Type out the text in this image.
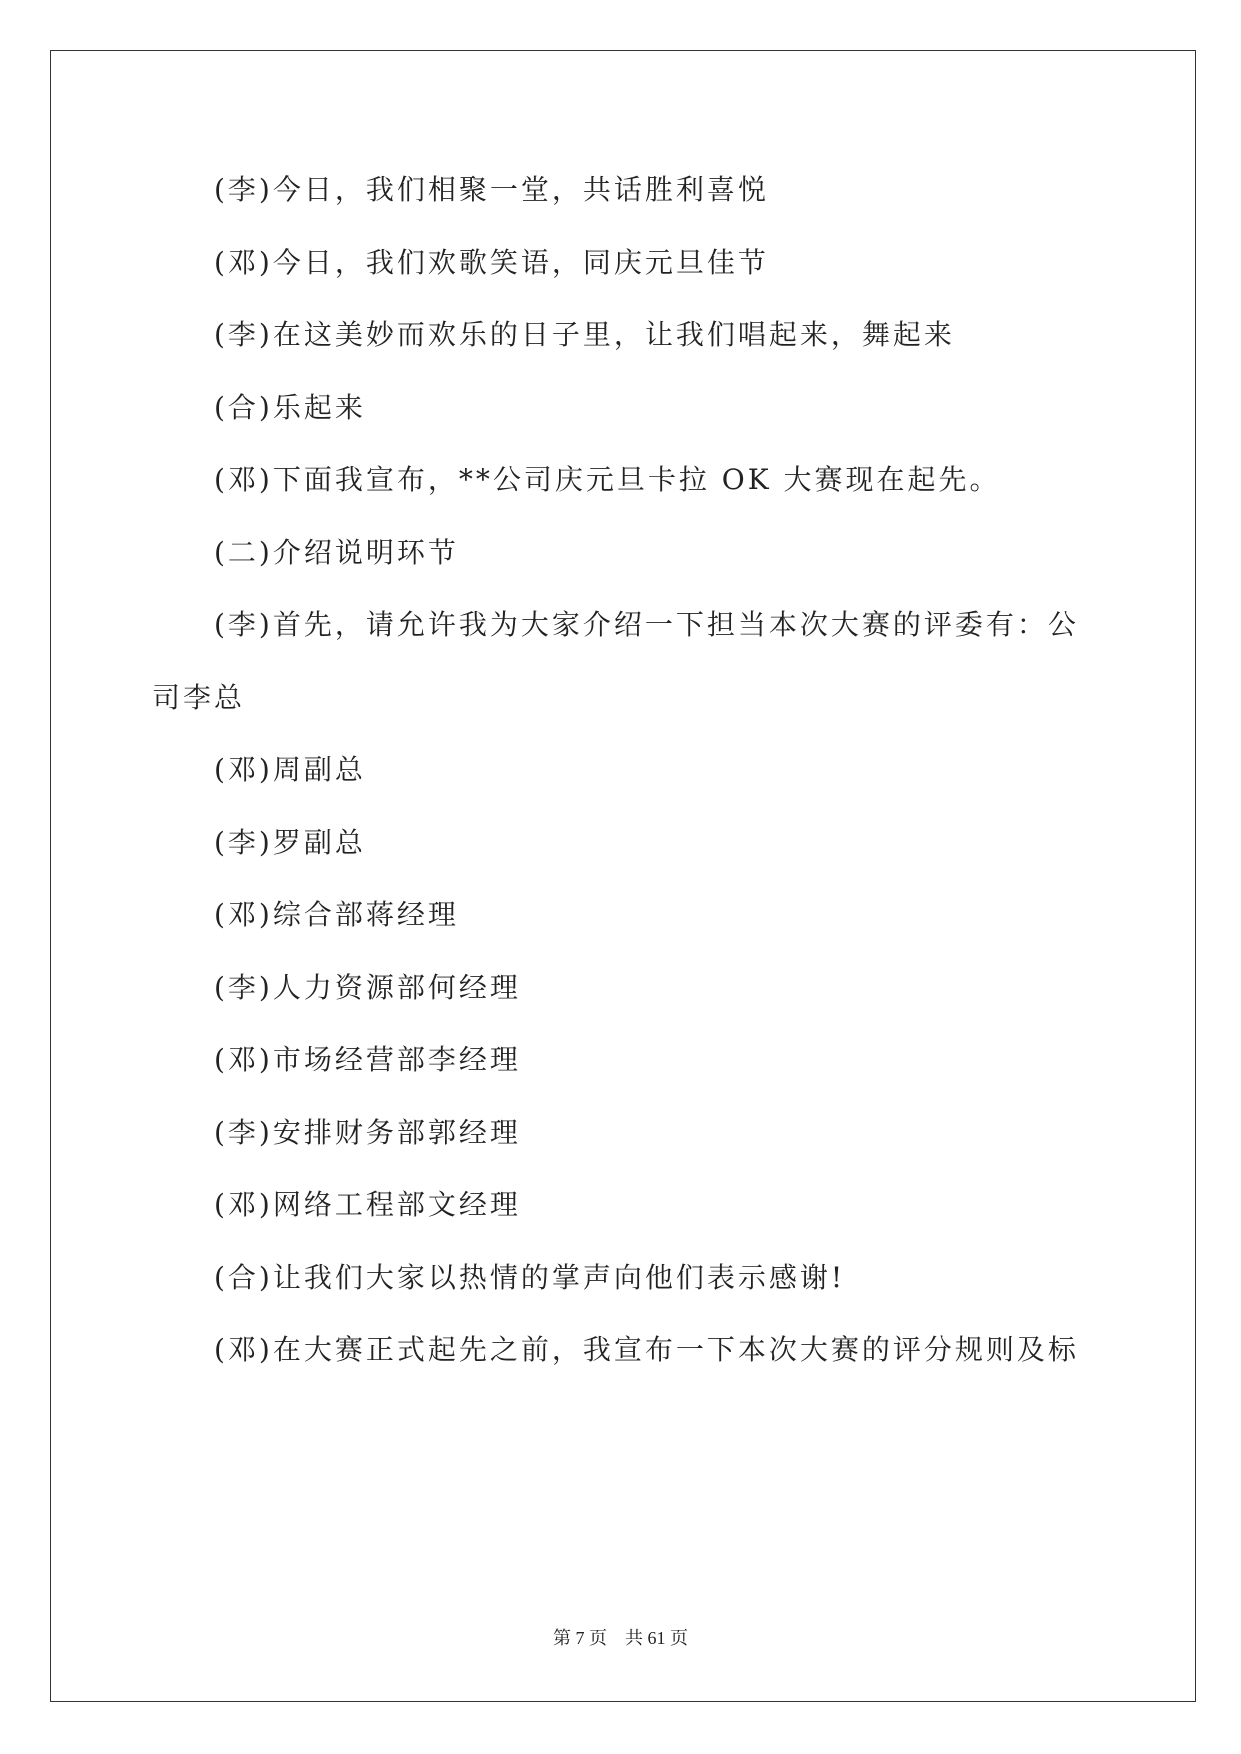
(李)今日，我们相聚一堂，共话胜利喜悦
(邓)今日，我们欢歌笑语，同庆元旦佳节
(李)在这美妙而欢乐的日子里，让我们唱起来，舞起来
(合)乐起来
(邓)下面我宣布，**公司庆元旦卡拉 OK 大赛现在起先。
(二)介绍说明环节
(李)首先，请允许我为大家介绍一下担当本次大赛的评委有：公
司李总
(邓)周副总
(李)罗副总
(邓)综合部蒋经理
(李)人力资源部何经理
(邓)市场经营部李经理
(李)安排财务部郭经理
(邓)网络工程部文经理
(合)让我们大家以热情的掌声向他们表示感谢!
(邓)在大赛正式起先之前，我宣布一下本次大赛的评分规则及标
第 7 页　共 61 页
